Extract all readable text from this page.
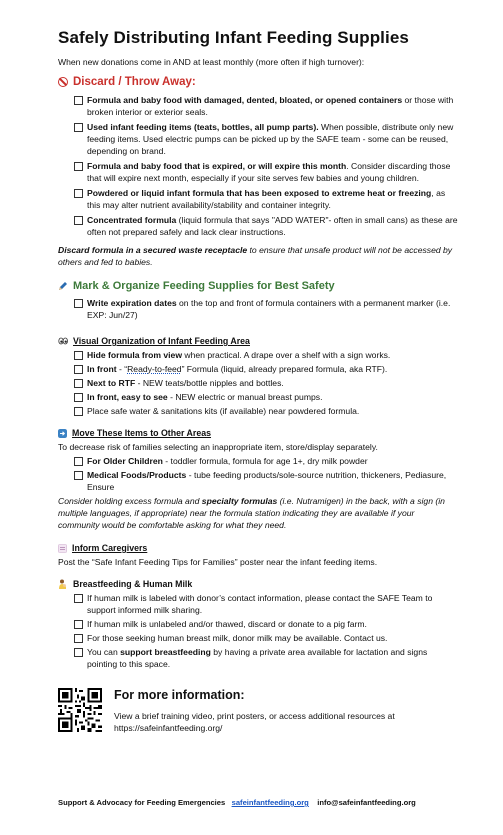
Safely Distributing Infant Feeding Supplies

When new donations come in AND at least monthly (more often if high turnover):

Discard / Throw Away:
Formula and baby food with damaged, dented, bloated, or opened containers or those with broken interior or exterior seals.
Used infant feeding items (teats, bottles, all pump parts). When possible, distribute only new feeding items. Used electric pumps can be picked up by the SAFE team - some can be reused, depending on brand.
Formula and baby food that is expired, or will expire this month. Consider discarding those that will expire next month, especially if your site serves few babies and young children.
Powdered or liquid infant formula that has been exposed to extreme heat or freezing, as this may alter nutrient availability/stability and container integrity.
Concentrated formula (liquid formula that says "ADD WATER"- often in small cans) as these are often not prepared safely and lack clear instructions.

Discard formula in a secured waste receptacle to ensure that unsafe product will not be accessed by others and fed to babies.

Mark & Organize Feeding Supplies for Best Safety
Write expiration dates on the top and front of formula containers with a permanent marker (i.e. EXP: Jun/27)
Visual Organization of Infant Feeding Area
Hide formula from view when practical. A drape over a shelf with a sign works.
In front - “Ready-to-feed” Formula (liquid, already prepared formula, aka RTF).
Next to RTF - NEW teats/bottle nipples and bottles.
In front, easy to see - NEW electric or manual breast pumps.
Place safe water & sanitations kits (if available) near powdered formula.
Move These Items to Other Areas

To decrease risk of families selecting an inappropriate item, store/display separately.

For Older Children - toddler formula, formula for age 1+, dry milk powder
Medical Foods/Products - tube feeding products/sole-source nutrition, thickeners, Pediasure, Ensure

Consider holding excess formula and specialty formulas (i.e. Nutramigen) in the back, with a sign (in multiple languages, if appropriate) near the formula station indicating they are available if your community would be comfortable asking for what they need.

Inform Caregivers

Post the “Safe Infant Feeding Tips for Families” poster near the infant feeding items.

Breastfeeding & Human Milk
If human milk is labeled with donor’s contact information, please contact the SAFE Team to support informed milk sharing.
If human milk is unlabeled and/or thawed, discard or donate to a pig farm.
For those seeking human breast milk, donor milk may be available. Contact us.
You can support breastfeeding by having a private area available for lactation and signs pointing to this space.
For more information:
View a brief training video, print posters, or access additional resources at https://safeinfantfeeding.org/
Support & Advocacy for Feeding Emergencies safeinfantfeeding.org info@safeinfantfeeding.org
